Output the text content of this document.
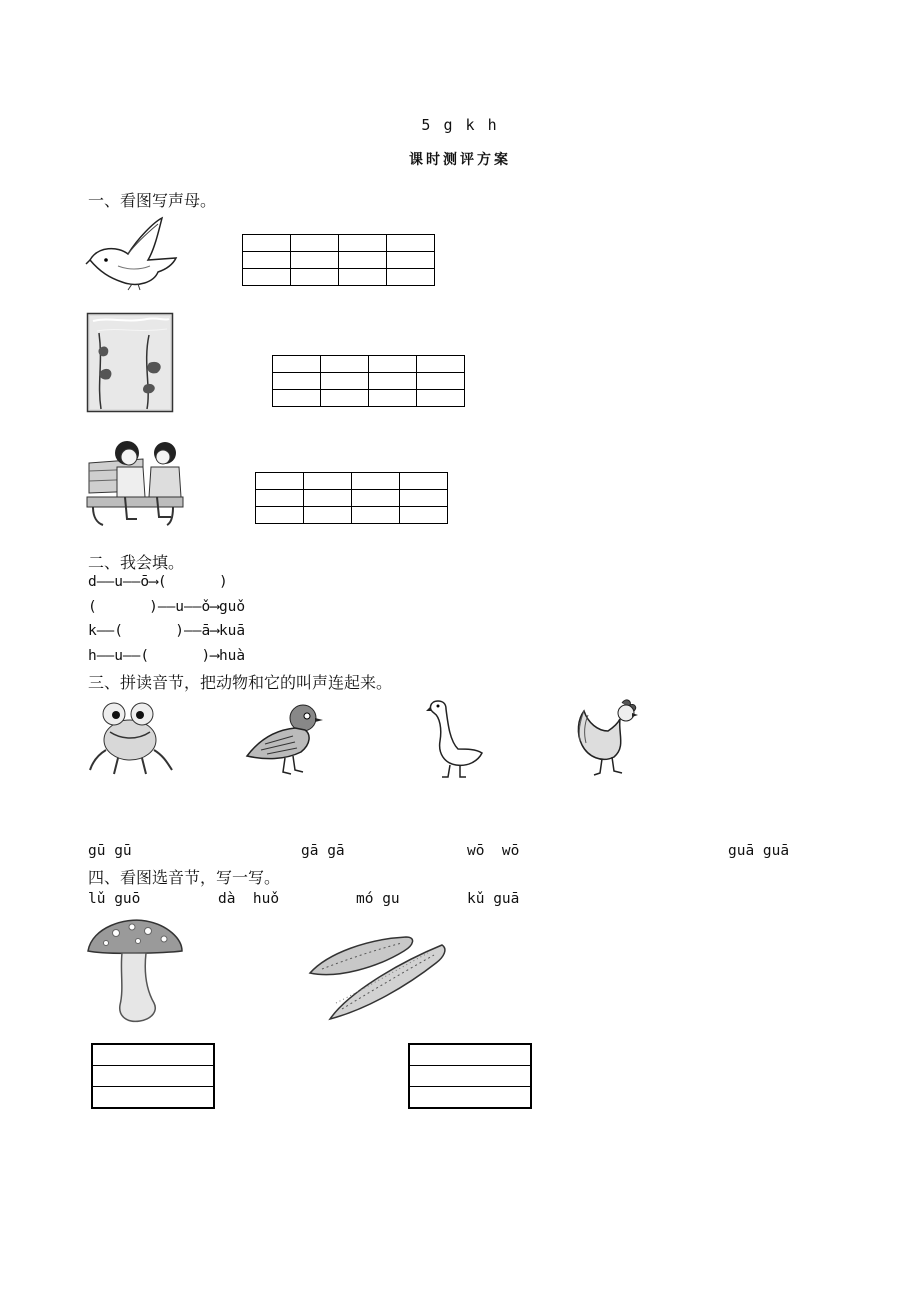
5 g k h
课时测评方案
一、看图写声母。

二、我会填。
d——u——ō⟶(      )
(      )——u——ǒ⟶guǒ
k——(      )——ā⟶kuā
h——u——(      )⟶huà
三、拼读音节，把动物和它的叫声连起来。
gū gū	gā gā	wō  wō	guā guā
四、看图选音节，写一写。
lǔ guō	dà  huǒ	mó gu	kǔ guā
